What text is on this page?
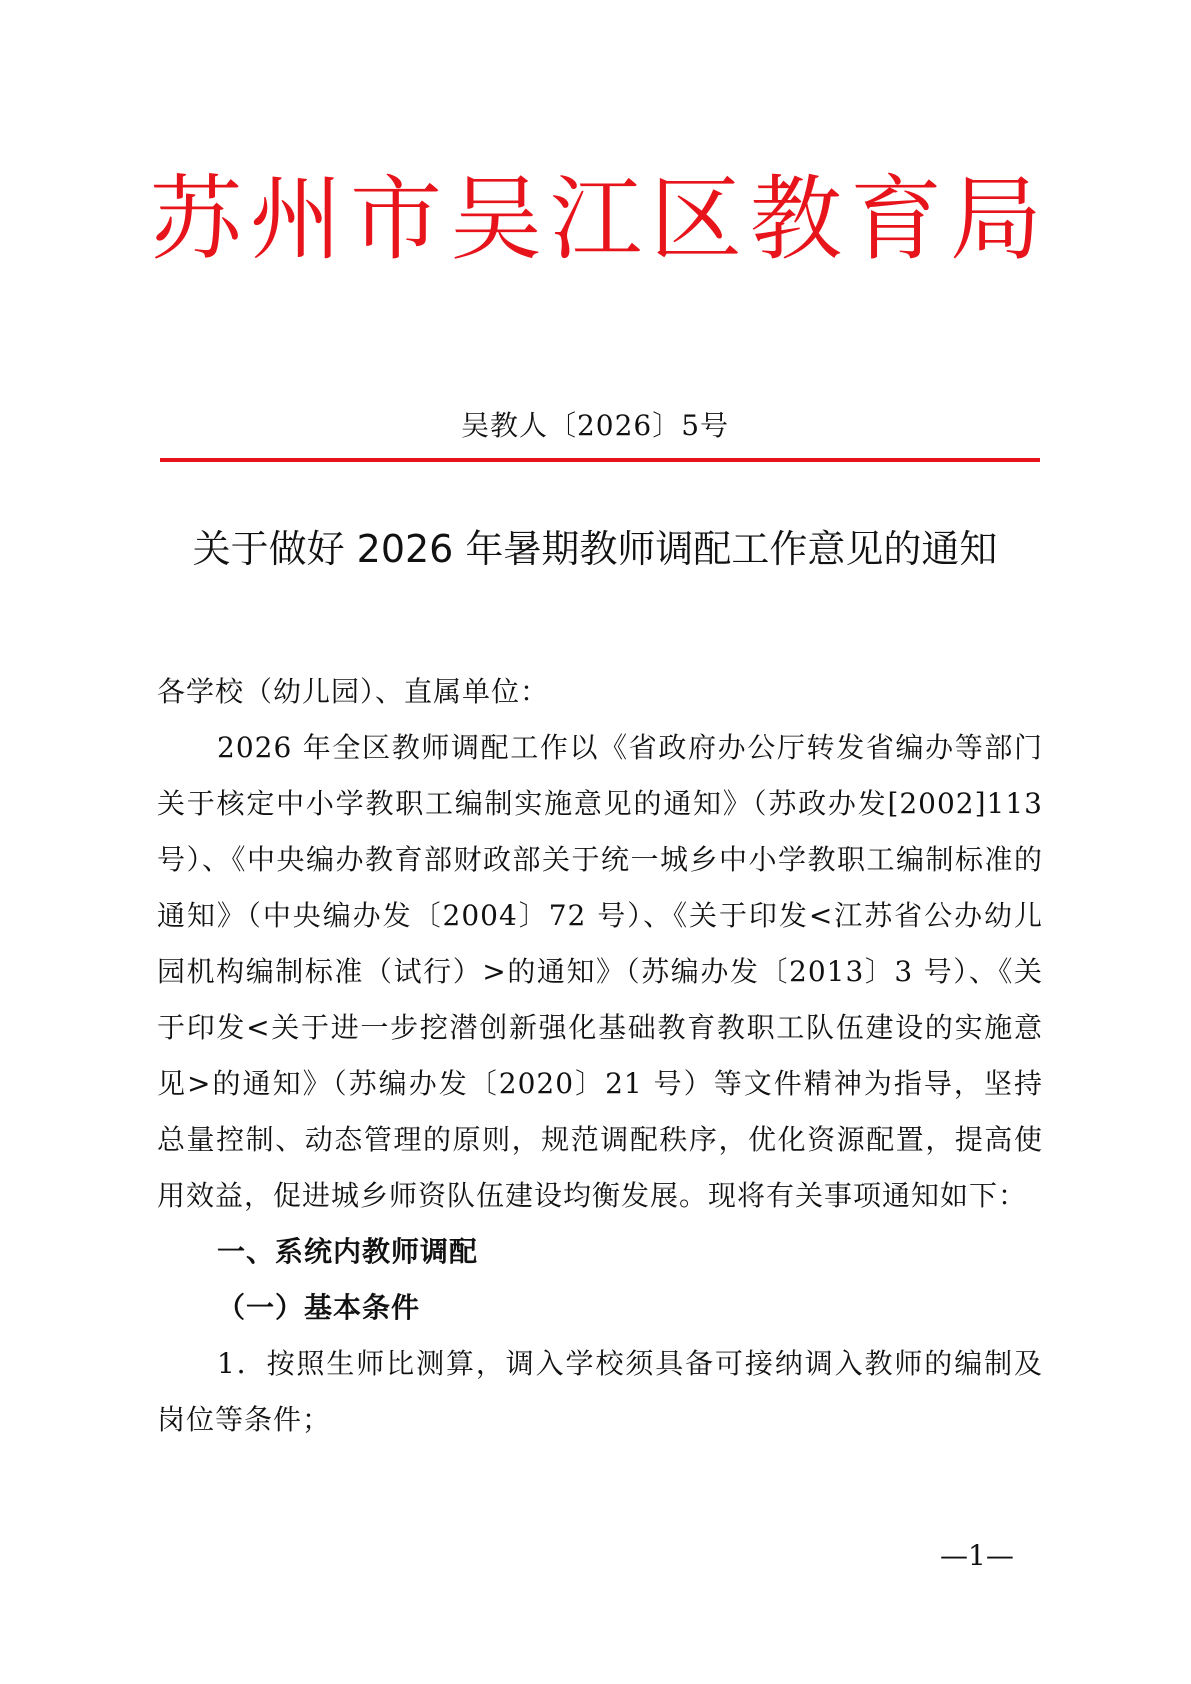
苏州市吴江区教育局
吴教人〔2026〕5号
关于做好 2026 年暑期教师调配工作意见的通知

各学校（幼儿园）、直属单位：

2026 年全区教师调配工作以《省政府办公厅转发省编办等部门关于核定中小学教职工编制实施意见的通知》（苏政办发[2002]113 号）、《中央编办教育部财政部关于统一城乡中小学教职工编制标准的通知》（中央编办发〔2004〕72 号）、《关于印发<江苏省公办幼儿园机构编制标准（试行）>的通知》（苏编办发〔2013〕3 号）、《关于印发<关于进一步挖潜创新强化基础教育教职工队伍建设的实施意见>的通知》（苏编办发〔2020〕21 号）等文件精神为指导，坚持总量控制、动态管理的原则，规范调配秩序，优化资源配置，提高使用效益，促进城乡师资队伍建设均衡发展。现将有关事项通知如下：

一、系统内教师调配

（一）基本条件

1．按照生师比测算，调入学校须具备可接纳调入教师的编制及岗位等条件；

—1—
